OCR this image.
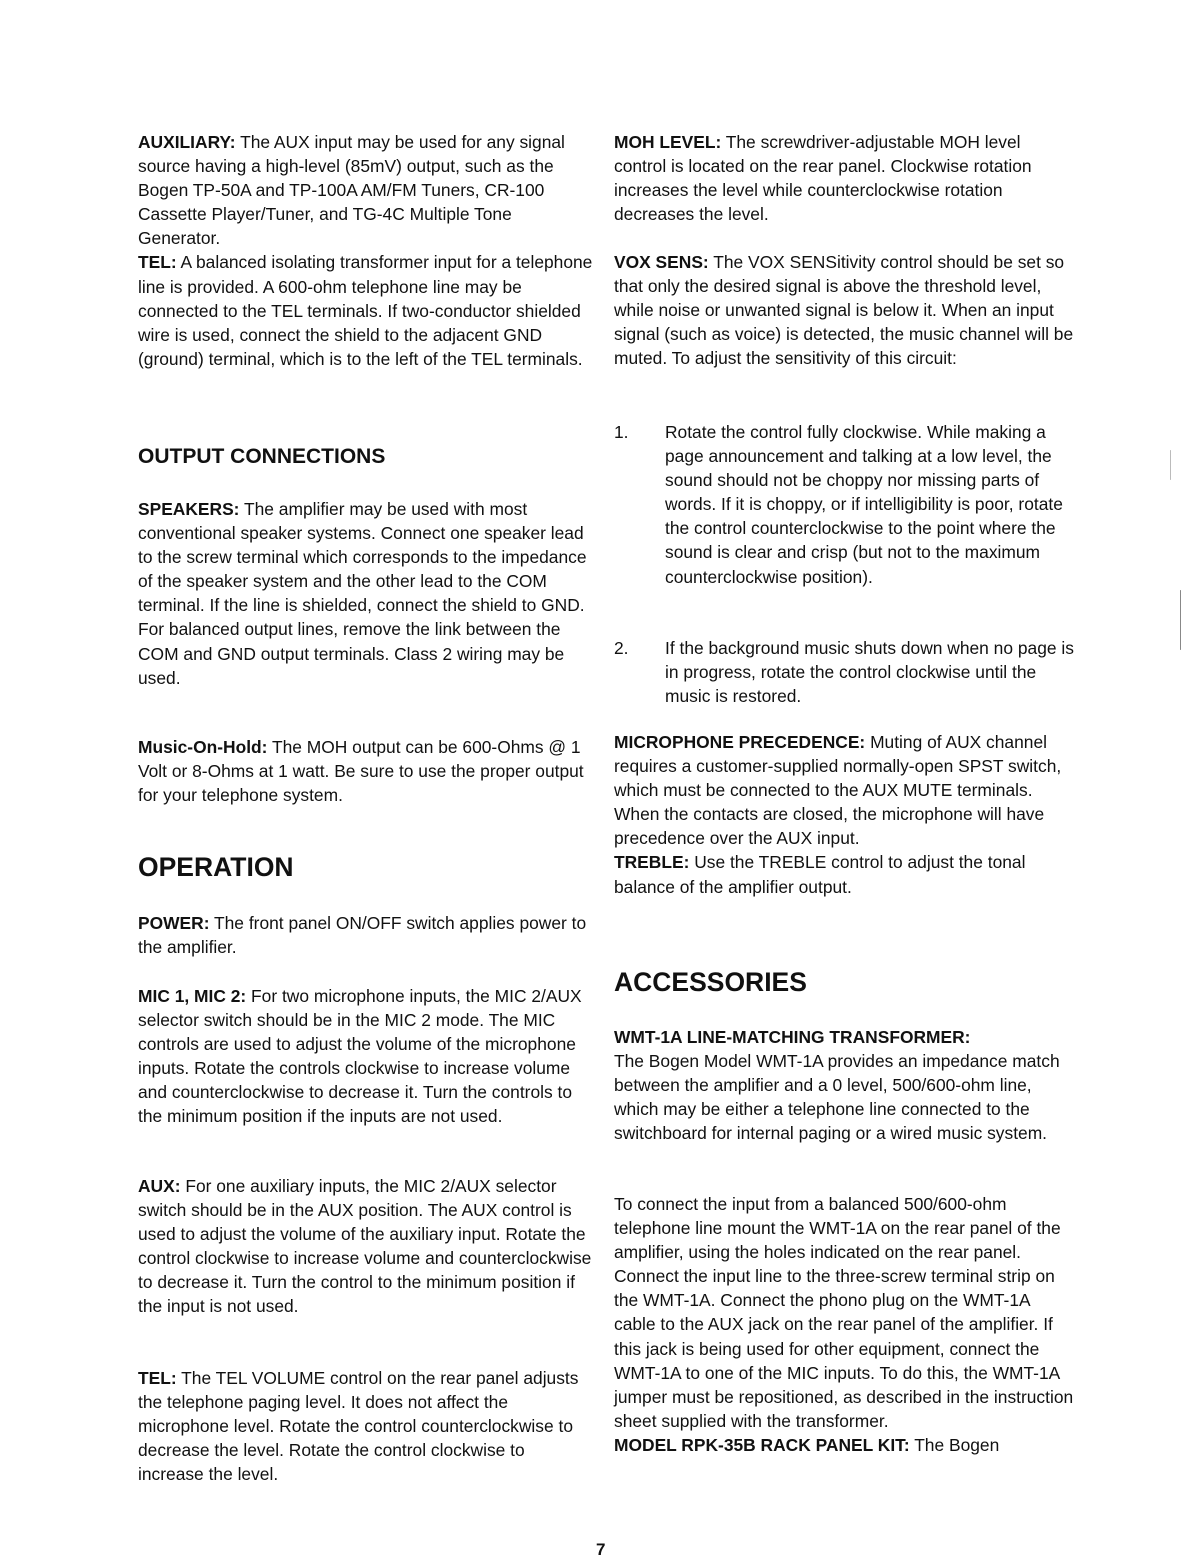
AUXILIARY: The AUX input may be used for any signal source having a high-level (85mV) output, such as the Bogen TP-50A and TP-100A AM/FM Tuners, CR-100 Cassette Player/Tuner, and TG-4C Multiple Tone Generator.

TEL: A balanced isolating transformer input for a telephone line is provided. A 600-ohm telephone line may be connected to the TEL terminals. If two-conductor shielded wire is used, connect the shield to the adjacent GND (ground) terminal, which is to the left of the TEL terminals.

OUTPUT CONNECTIONS

SPEAKERS: The amplifier may be used with most conventional speaker systems. Connect one speaker lead to the screw terminal which corresponds to the impedance of the speaker system and the other lead to the COM terminal. If the line is shielded, connect the shield to GND. For balanced output lines, remove the link between the COM and GND output terminals. Class 2 wiring may be used.

Music-On-Hold: The MOH output can be 600-Ohms @ 1 Volt or 8-Ohms at 1 watt. Be sure to use the proper output for your telephone system.

OPERATION

POWER: The front panel ON/OFF switch applies power to the amplifier.

MIC 1, MIC 2: For two microphone inputs, the MIC 2/AUX selector switch should be in the MIC 2 mode. The MIC controls are used to adjust the volume of the microphone inputs. Rotate the controls clockwise to increase volume and counterclockwise to decrease it. Turn the controls to the minimum position if the inputs are not used.

AUX: For one auxiliary inputs, the MIC 2/AUX selector switch should be in the AUX position. The AUX control is used to adjust the volume of the auxiliary input. Rotate the control clockwise to increase volume and counterclockwise to decrease it. Turn the control to the minimum position if the input is not used.

TEL: The TEL VOLUME control on the rear panel adjusts the telephone paging level. It does not affect the microphone level. Rotate the control counterclockwise to decrease the level. Rotate the control clockwise to increase the level.

MOH LEVEL: The screwdriver-adjustable MOH level control is located on the rear panel. Clockwise rotation increases the level while counterclockwise rotation decreases the level.

VOX SENS: The VOX SENSitivity control should be set so that only the desired signal is above the threshold level, while noise or unwanted signal is below it. When an input signal (such as voice) is detected, the music channel will be muted. To adjust the sensitivity of this circuit:

1.	Rotate the control fully clockwise. While making a page announcement and talking at a low level, the sound should not be choppy nor missing parts of words. If it is choppy, or if intelligibility is poor, rotate the control counterclockwise to the point where the sound is clear and crisp (but not to the maximum counterclockwise position).

2.	If the background music shuts down when no page is in progress, rotate the control clockwise until the music is restored.

MICROPHONE PRECEDENCE: Muting of AUX channel requires a customer-supplied normally-open SPST switch, which must be connected to the AUX MUTE terminals. When the contacts are closed, the microphone will have precedence over the AUX input.

TREBLE: Use the TREBLE control to adjust the tonal balance of the amplifier output.

ACCESSORIES

WMT-1A LINE-MATCHING TRANSFORMER:

The Bogen Model WMT-1A provides an impedance match between the amplifier and a 0 level, 500/600-ohm line, which may be either a telephone line connected to the switchboard for internal paging or a wired music system.

To connect the input from a balanced 500/600-ohm telephone line mount the WMT-1A on the rear panel of the amplifier, using the holes indicated on the rear panel. Connect the input line to the three-screw terminal strip on the WMT-1A. Connect the phono plug on the WMT-1A cable to the AUX jack on the rear panel of the amplifier. If this jack is being used for other equipment, connect the WMT-1A to one of the MIC inputs. To do this, the WMT-1A jumper must be repositioned, as described in the instruction sheet supplied with the transformer.

MODEL RPK-35B RACK PANEL KIT: The Bogen

7
